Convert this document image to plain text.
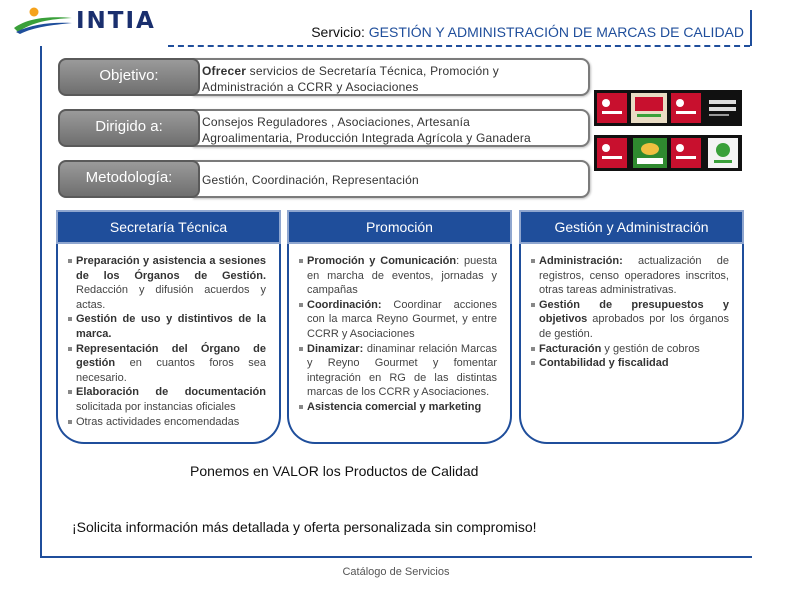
INTIA	Servicio: GESTIÓN Y ADMINISTRACIÓN DE MARCAS DE CALIDAD
Ofrecer servicios de Secretaría Técnica, Promoción y
Administración a CCRR y Asociaciones
Objetivo:
Consejos Reguladores , Asociaciones, Artesanía
Agroalimentaria, Producción Integrada Agrícola y Ganadera
Dirigido a:
Gestión, Coordinación, Representación
Metodología:
Secretaría Técnica
Preparación y asistencia a sesiones de los Órganos de Gestión. Redacción y difusión acuerdos y actas.
Gestión de uso y distintivos de la marca.
Representación del Órgano de gestión en cuantos foros sea necesario.
Elaboración de documentación solicitada por instancias oficiales
Otras actividades encomendadas
Promoción
Promoción y Comunicación: puesta en marcha de eventos, jornadas y campañas
Coordinación: Coordinar acciones con la marca Reyno Gourmet, y entre CCRR y Asociaciones
Dinamizar: dinaminar relación Marcas y Reyno Gourmet y fomentar integración en RG de las distintas marcas de los CCRR y Asociaciones.
Asistencia comercial y marketing
Gestión y Administración
Administración: actualización de registros, censo operadores inscritos, otras tareas administrativas.
Gestión de presupuestos y objetivos aprobados por los órganos de gestión.
Facturación y gestión de cobros
Contabilidad y fiscalidad
Ponemos en VALOR los Productos de Calidad
¡Solicita información más detallada y oferta personalizada sin compromiso!
Catálogo de Servicios
